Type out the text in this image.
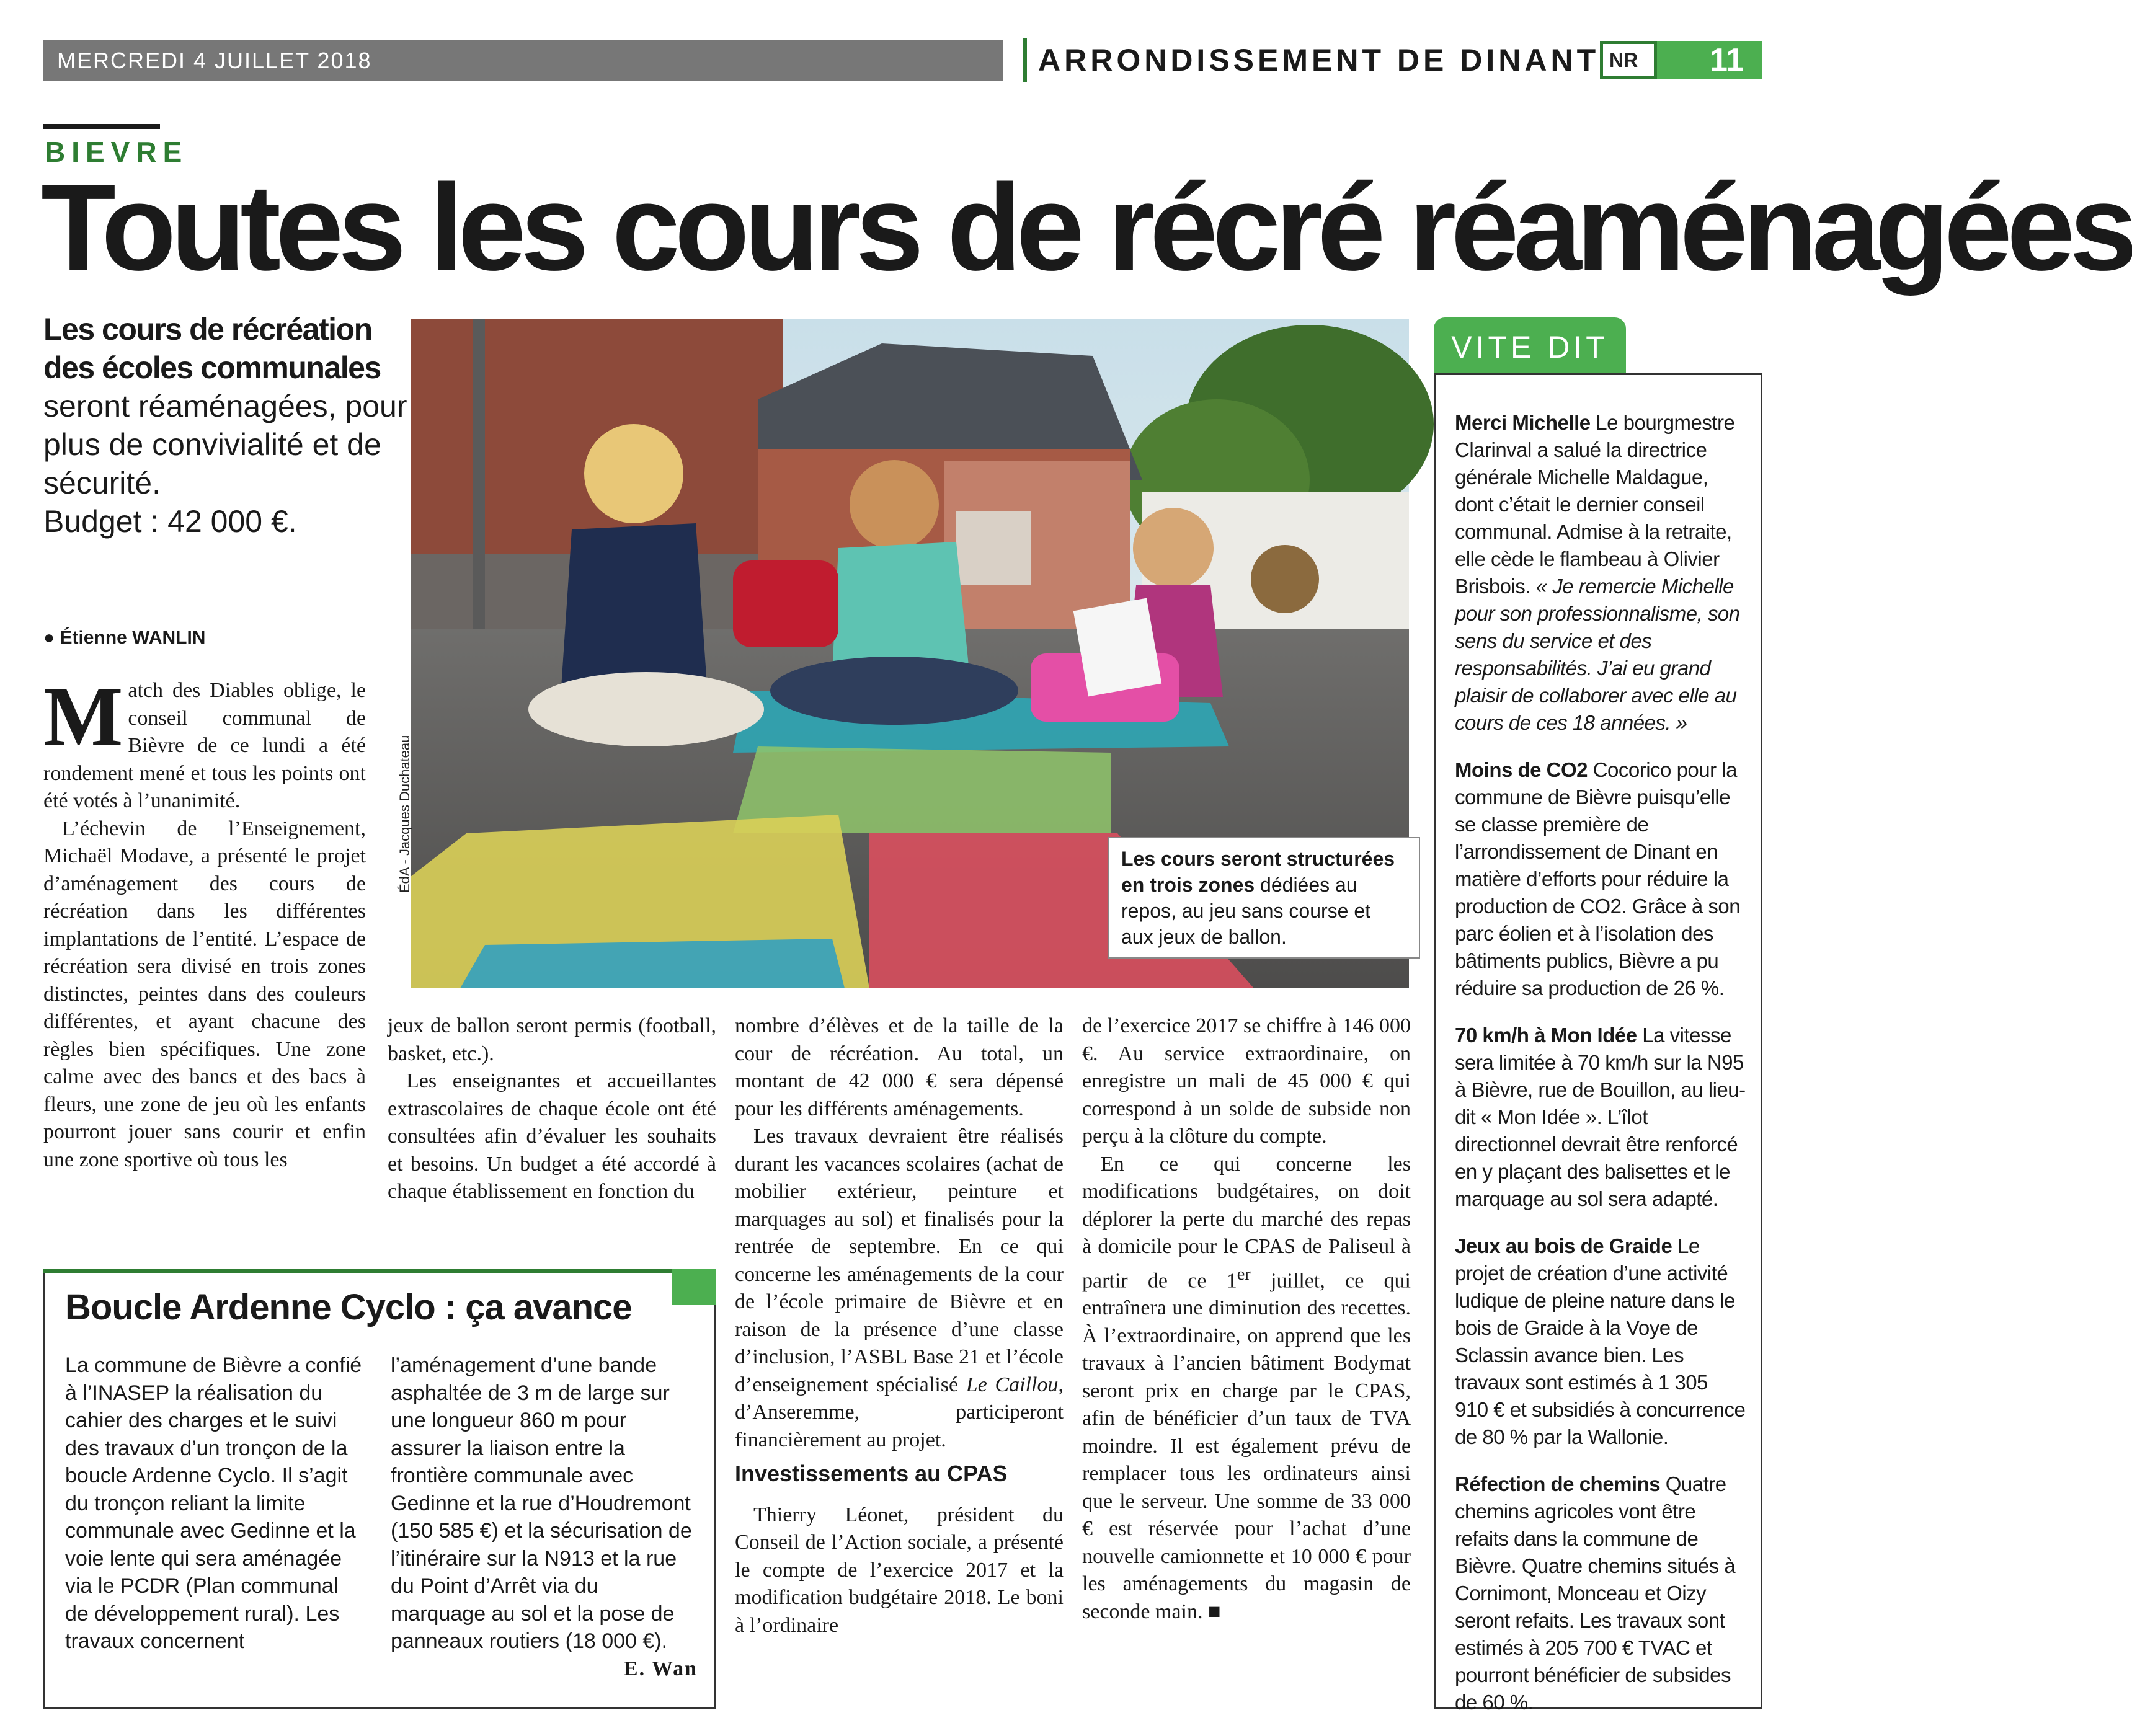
MERCREDI 4 JUILLET 2018	ARRONDISSEMENT DE DINANT NR	11
BIEVRE
Toutes les cours de récré réaménagées
Les cours de récréation
des écoles communales
seront réaménagées, pour plus de convivialité et de sécurité.
Budget : 42 000 €.
● Étienne WANLIN

Match des Diables oblige, le conseil communal de Bièvre de ce lundi a été rondement mené et tous les points ont été votés à l’unanimité.

L’échevin de l’Enseignement, Michaël Modave, a présenté le projet d’aménagement des cours de récréation dans les différentes implantations de l’entité. L’espace de récréation sera divisé en trois zones distinctes, peintes dans des couleurs différentes, et ayant chacune des règles bien spécifiques. Une zone calme avec des bancs et des bacs à fleurs, une zone de jeu où les enfants pourront jouer sans courir et enfin une zone sportive où tous les

jeux de ballon seront permis (football, basket, etc.).

Les enseignantes et accueillantes extrascolaires de chaque école ont été consultées afin d’évaluer les souhaits et besoins. Un budget a été accordé à chaque établissement en fonction du

nombre d’élèves et de la taille de la cour de récréation. Au total, un montant de 42 000 € sera dépensé pour les différents aménagements.

Les travaux devraient être réalisés durant les vacances scolaires (achat de mobilier extérieur, peinture et marquages au sol) et finalisés pour la rentrée de septembre. En ce qui concerne les aménagements de la cour de l’école primaire de Bièvre et en raison de la présence d’une classe d’inclusion, l’ASBL Base 21 et l’école d’enseignement spécialisé Le Caillou, d’Anseremme, participeront financièrement au projet.

Investissements au CPAS

Thierry Léonet, président du Conseil de l’Action sociale, a présenté le compte de l’exercice 2017 et la modification budgétaire 2018. Le boni à l’ordinaire

de l’exercice 2017 se chiffre à 146 000 €. Au service extraordinaire, on enregistre un mali de 45 000 € qui correspond à un solde de subside non perçu à la clôture du compte.

En ce qui concerne les modifications budgétaires, on doit déplorer la perte du marché des repas à domicile pour le CPAS de Paliseul à partir de ce 1er juillet, ce qui entraînera une diminution des recettes. À l’extraordinaire, on apprend que les travaux à l’ancien bâtiment Bodymat seront prix en charge par le CPAS, afin de bénéficier d’un taux de TVA moindre. Il est également prévu de remplacer tous les ordinateurs ainsi que le serveur. Une somme de 33 000 € est réservée pour l’achat d’une nouvelle camionnette et 10 000 € pour les aménagements du magasin de seconde main. ■

ÉdA - Jacques Duchateau	Les cours seront structurées en trois zones dédiées au repos, au jeu sans course et aux jeux de ballon.
Boucle Ardenne Cyclo : ça avance
La commune de Bièvre a confié à l’INASEP la réalisation du cahier des charges et le suivi des travaux d’un tronçon de la boucle Ardenne Cyclo. Il s’agit du tronçon reliant la limite communale avec Gedinne et la voie lente qui sera aménagée via le PCDR (Plan communal de développement rural). Les travaux concernent
l’aménagement d’une bande asphaltée de 3 m de large sur une longueur 860 m pour assurer la liaison entre la frontière communale avec Gedinne et la rue d’Houdremont (150 585 €) et la sécurisation de l’itinéraire sur la N913 et la rue du Point d’Arrêt via du marquage au sol et la pose de panneaux routiers (18 000 €).
E. Wan
VITE DIT
Merci Michelle Le bourgmestre Clarinval a salué la directrice générale Michelle Maldague, dont c’était le dernier conseil communal. Admise à la retraite, elle cède le flambeau à Olivier Brisbois. « Je remercie Michelle pour son professionnalisme, son sens du service et des responsabilités. J’ai eu grand plaisir de collaborer avec elle au cours de ces 18 années. »
Moins de CO2 Cocorico pour la commune de Bièvre puisqu’elle se classe première de l’arrondissement de Dinant en matière d’efforts pour réduire la production de CO2. Grâce à son parc éolien et à l’isolation des bâtiments publics, Bièvre a pu réduire sa production de 26 %.
70 km/h à Mon Idée La vitesse sera limitée à 70 km/h sur la N95 à Bièvre, rue de Bouillon, au lieu-dit « Mon Idée ». L’îlot directionnel devrait être renforcé en y plaçant des balisettes et le marquage au sol sera adapté.
Jeux au bois de Graide Le projet de création d’une activité ludique de pleine nature dans le bois de Graide à la Voye de Sclassin avance bien. Les travaux sont estimés à 1 305 910 € et subsidiés à concurrence de 80 % par la Wallonie.
Réfection de chemins Quatre chemins agricoles vont être refaits dans la commune de Bièvre. Quatre chemins situés à Cornimont, Monceau et Oizy seront refaits. Les travaux sont estimés à 205 700 € TVAC et pourront bénéficier de subsides de 60 %.
